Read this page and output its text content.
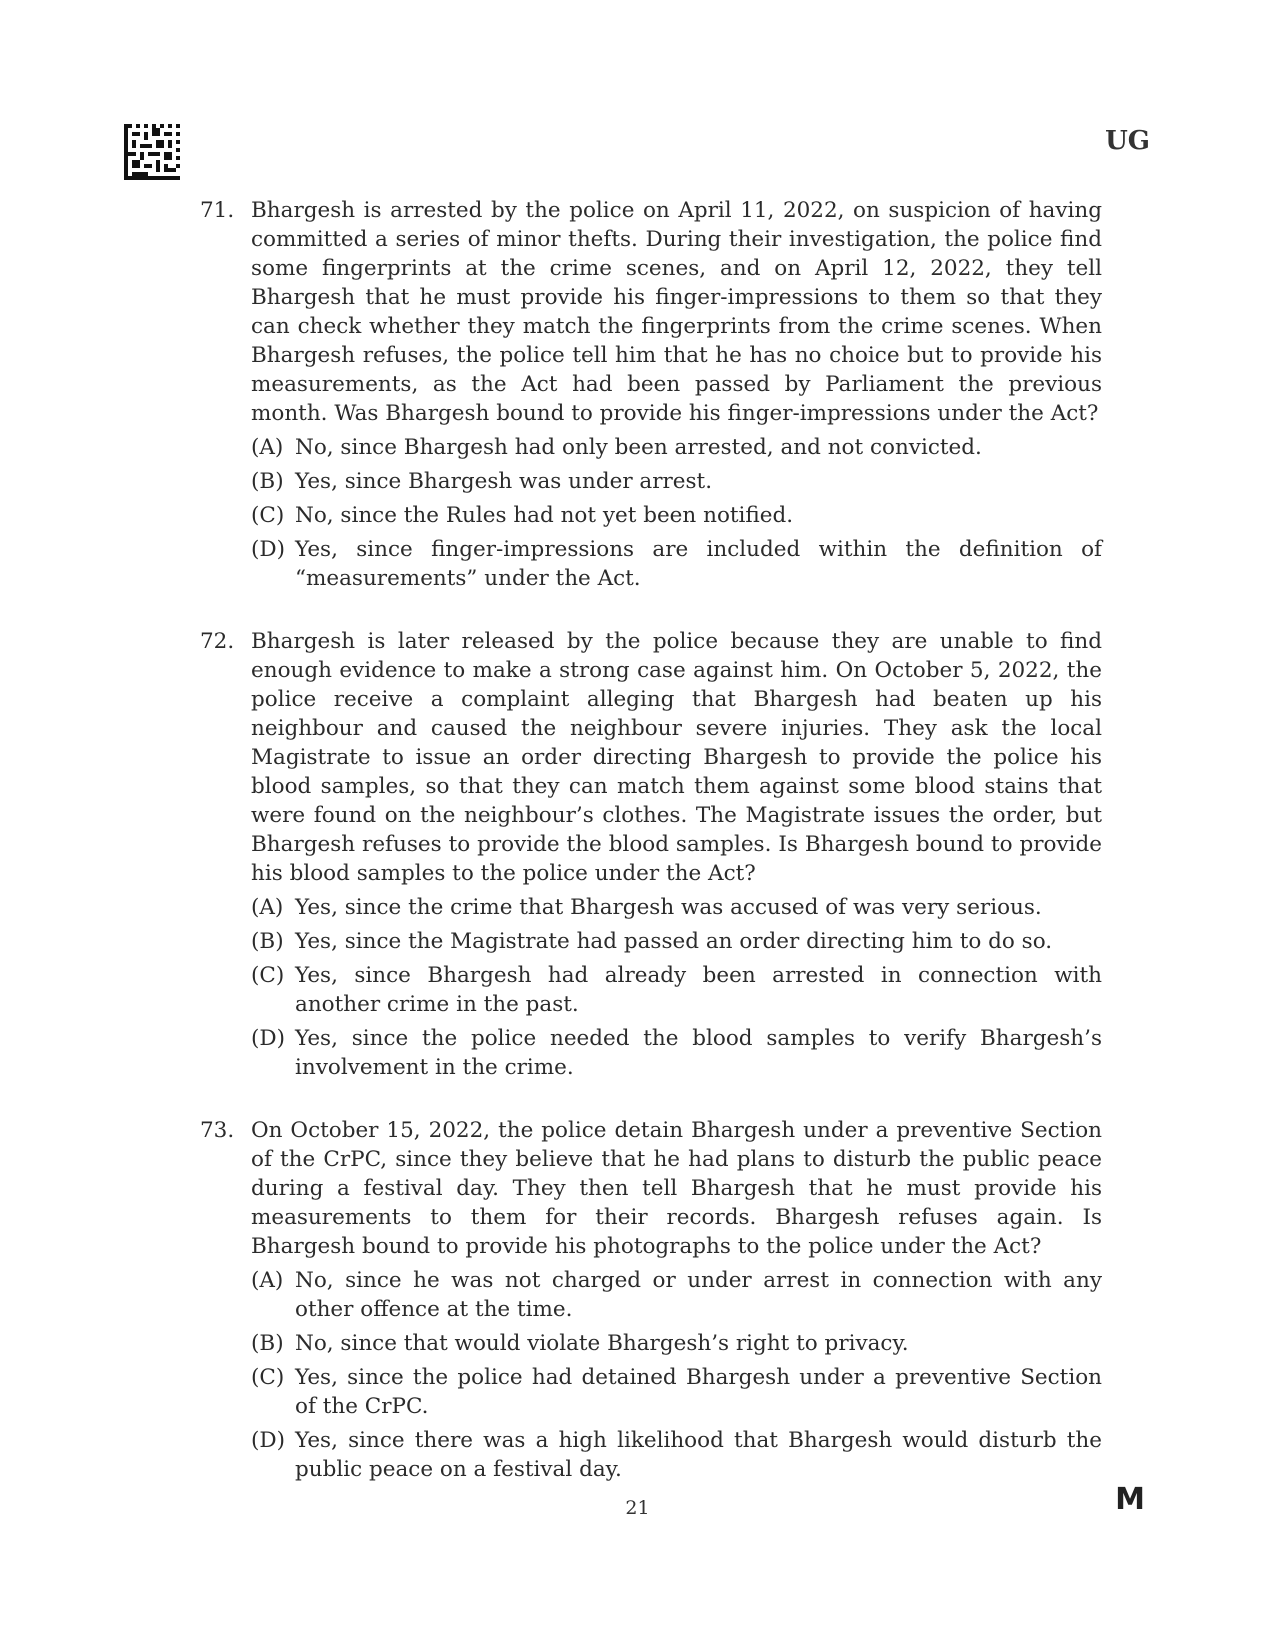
UG
71. Bhargesh is arrested by the police on April 11, 2022, on suspicion of having committed a series of minor thefts. During their investigation, the police find some fingerprints at the crime scenes, and on April 12, 2022, they tell Bhargesh that he must provide his finger-impressions to them so that they can check whether they match the fingerprints from the crime scenes. When Bhargesh refuses, the police tell him that he has no choice but to provide his measurements, as the Act had been passed by Parliament the previous month. Was Bhargesh bound to provide his finger-impressions under the Act?
(A) No, since Bhargesh had only been arrested, and not convicted.
(B) Yes, since Bhargesh was under arrest.
(C) No, since the Rules had not yet been notified.
(D) Yes, since finger-impressions are included within the definition of “measurements” under the Act.
72. Bhargesh is later released by the police because they are unable to find enough evidence to make a strong case against him. On October 5, 2022, the police receive a complaint alleging that Bhargesh had beaten up his neighbour and caused the neighbour severe injuries. They ask the local Magistrate to issue an order directing Bhargesh to provide the police his blood samples, so that they can match them against some blood stains that were found on the neighbour’s clothes. The Magistrate issues the order, but Bhargesh refuses to provide the blood samples. Is Bhargesh bound to provide his blood samples to the police under the Act?
(A) Yes, since the crime that Bhargesh was accused of was very serious.
(B) Yes, since the Magistrate had passed an order directing him to do so.
(C) Yes, since Bhargesh had already been arrested in connection with another crime in the past.
(D) Yes, since the police needed the blood samples to verify Bhargesh’s involvement in the crime.
73. On October 15, 2022, the police detain Bhargesh under a preventive Section of the CrPC, since they believe that he had plans to disturb the public peace during a festival day. They then tell Bhargesh that he must provide his measurements to them for their records. Bhargesh refuses again. Is Bhargesh bound to provide his photographs to the police under the Act?
(A) No, since he was not charged or under arrest in connection with any other offence at the time.
(B) No, since that would violate Bhargesh’s right to privacy.
(C) Yes, since the police had detained Bhargesh under a preventive Section of the CrPC.
(D) Yes, since there was a high likelihood that Bhargesh would disturb the public peace on a festival day.
21	M
